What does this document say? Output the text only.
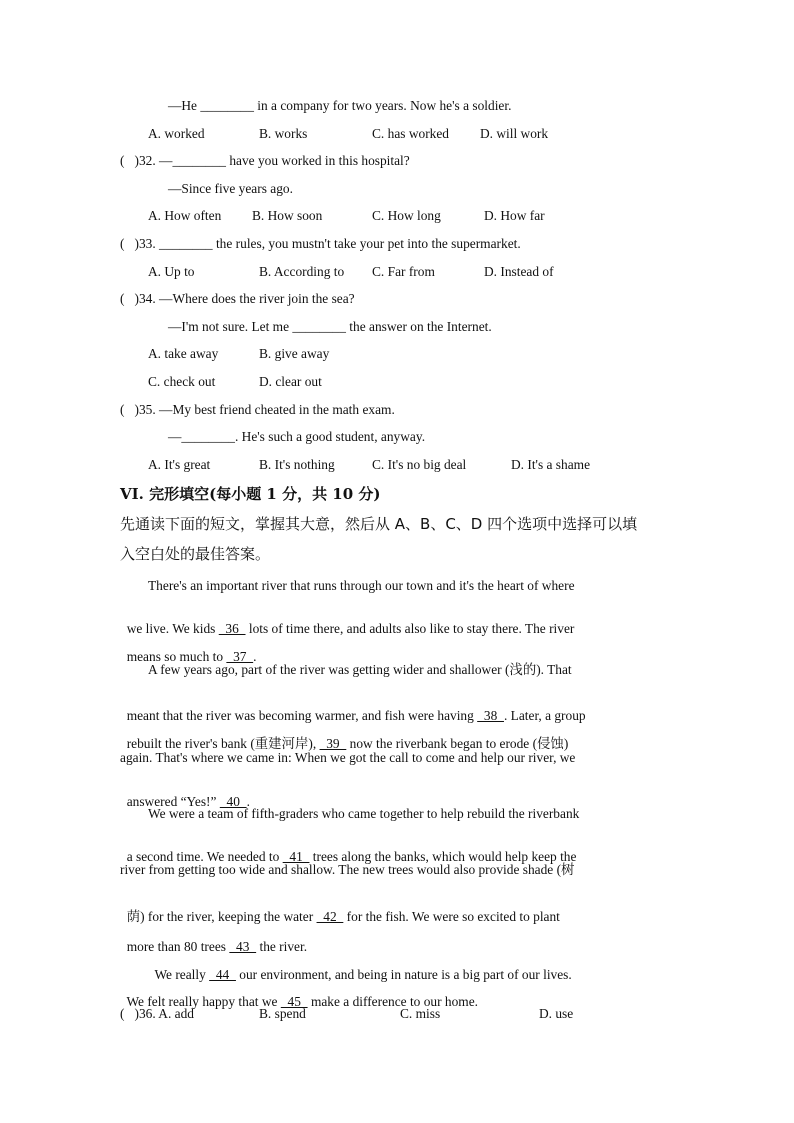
—He ________ in a company for two years. Now he's a soldier.
A. worked	B. works	C. has worked D. will work
(   )32. —________ have you worked in this hospital?
—Since five years ago.
A. How often B. How soon	C. How long	D. How far
(   )33. ________ the rules, you mustn't take your pet into the supermarket.
A. Up to	B. According to C. Far from	D. Instead of
(   )34. —Where does the river join the sea?
—I'm not sure. Let me ________ the answer on the Internet.
A. take away	B. give away
C. check out	D. clear out
(   )35. —My best friend cheated in the math exam.
—________. He's such a good student, anyway.
A. It's great	B. It's nothing	C. It's no big deal	D. It's a shame
VI. 完形填空(每小题 1 分，共 10 分)
先通读下面的短文，掌握其大意，然后从 A、B、C、D 四个选项中选择可以填
入空白处的最佳答案。
There's an important river that runs through our town and it's the heart of where

we live. We kids   36   lots of time there, and adults also like to stay there. The river

means so much to   37  .

A few years ago, part of the river was getting wider and shallower (浅的). That

meant that the river was becoming warmer, and fish were having   38  . Later, a group

rebuilt the river's bank (重建河岸),   39   now the riverbank began to erode (侵蚀)

again. That's where we came in: When we got the call to come and help our river, we

answered “Yes!”   40  .

We were a team of fifth-graders who came together to help rebuild the riverbank

a second time. We needed to   41   trees along the banks, which would help keep the

river from getting too wide and shallow. The new trees would also provide shade (树

荫) for the river, keeping the water   42   for the fish. We were so excited to plant

more than 80 trees   43   the river.

We really   44   our environment, and being in nature is a big part of our lives.

We felt really happy that we   45   make a difference to our home.

(   )36. A. add	B. spend	C. miss	D. use
